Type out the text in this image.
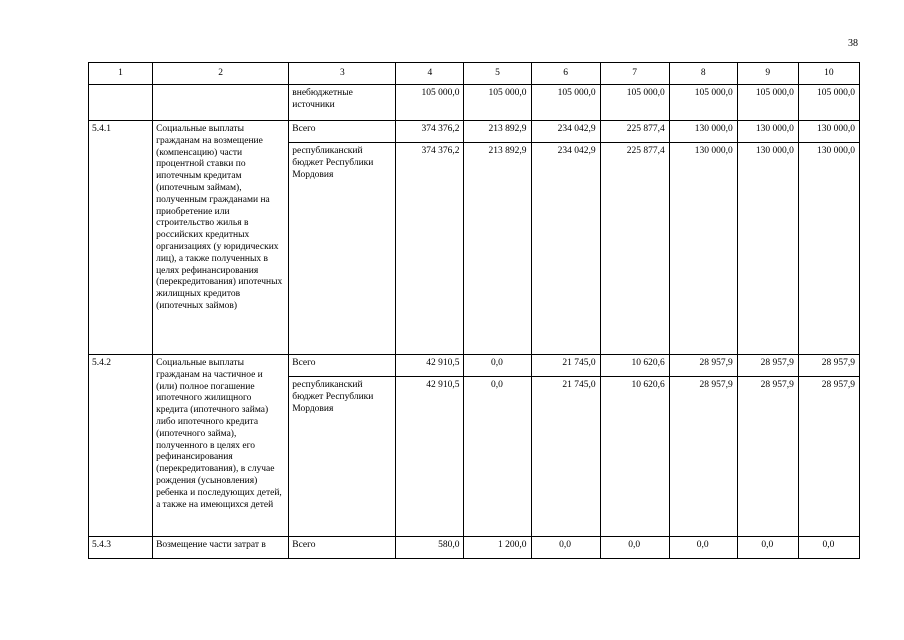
38
1	2	3	4	5	6	7	8	9	10
		внебюджетные источники	105 000,0	105 000,0	105 000,0	105 000,0	105 000,0	105 000,0	105 000,0
5.4.1	Социальные выплаты гражданам на возмещение (компенсацию) части процентной ставки по ипотечным кредитам (ипотечным займам), полученным гражданами на приобретение или строительство жилья в российских кредитных организациях (у юридических лиц), а также полученных в целях рефинансирования (перекредитования) ипотечных жилищных кредитов (ипотечных займов)	Всего	374 376,2	213 892,9	234 042,9	225 877,4	130 000,0	130 000,0	130 000,0
		республиканский бюджет Республики Мордовия	374 376,2	213 892,9	234 042,9	225 877,4	130 000,0	130 000,0	130 000,0
5.4.2	Социальные выплаты гражданам на частичное и (или) полное погашение ипотечного жилищного кредита (ипотечного займа) либо ипотечного кредита (ипотечного займа), полученного в целях его рефинансирования (перекредитования), в случае рождения (усыновления) ребенка и последующих детей, а также на имеющихся детей	Всего	42 910,5	0,0	21 745,0	10 620,6	28 957,9	28 957,9	28 957,9
		республиканский бюджет Республики Мордовия	42 910,5	0,0	21 745,0	10 620,6	28 957,9	28 957,9	28 957,9
5.4.3	Возмещение части затрат в	Всего	580,0	1 200,0	0,0	0,0	0,0	0,0	0,0
